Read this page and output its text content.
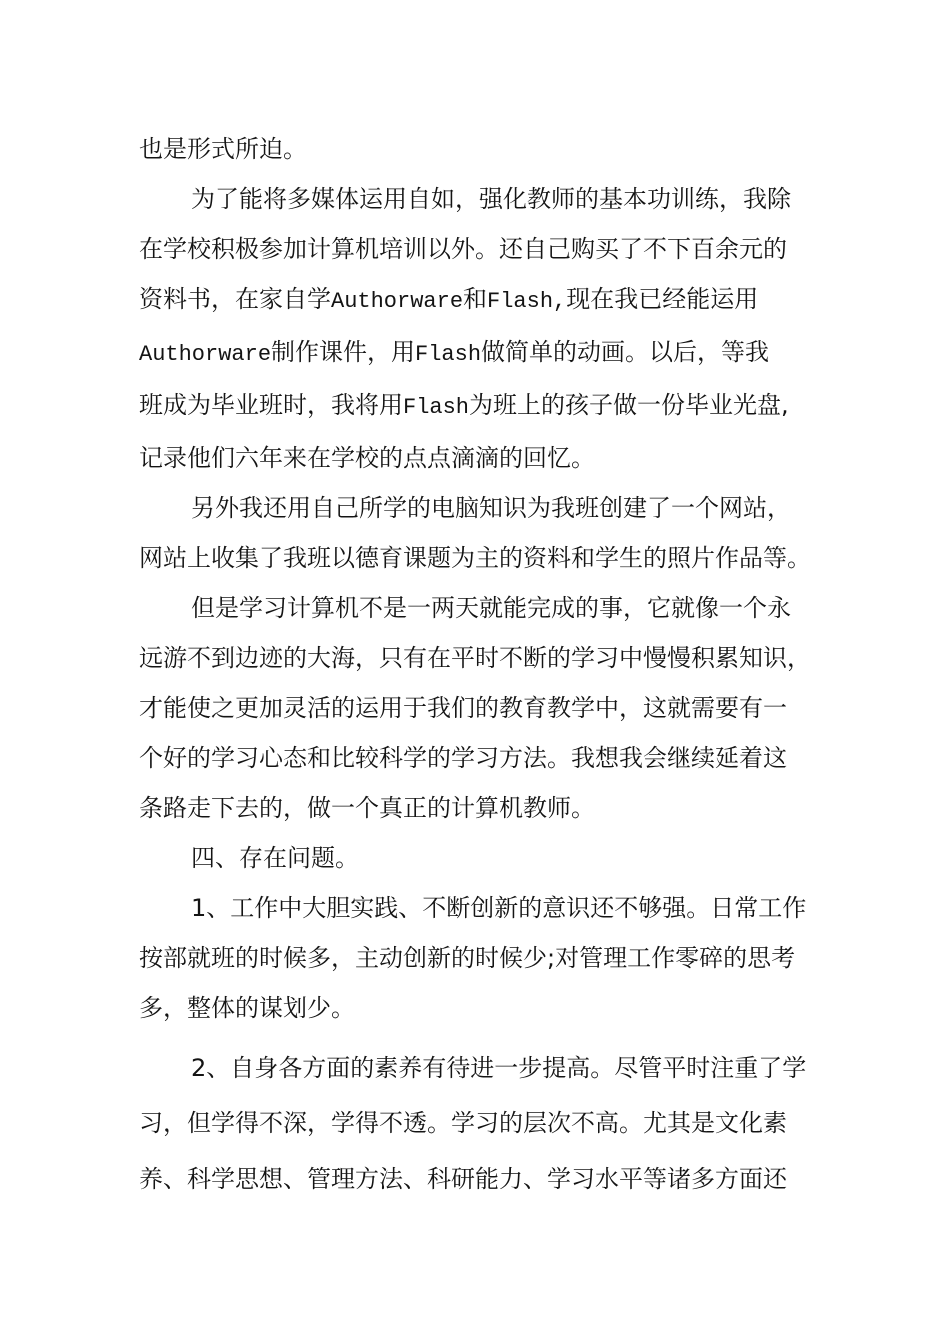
也是形式所迫。

为了能将多媒体运用自如，强化教师的基本功训练，我除
在学校积极参加计算机培训以外。还自己购买了不下百余元的
资料书，在家自学Authorware和Flash,现在我已经能运用
Authorware制作课件，用Flash做简单的动画。以后，等我
班成为毕业班时，我将用Flash为班上的孩子做一份毕业光盘,
记录他们六年来在学校的点点滴滴的回忆。

另外我还用自己所学的电脑知识为我班创建了一个网站，
网站上收集了我班以德育课题为主的资料和学生的照片作品等。

但是学习计算机不是一两天就能完成的事，它就像一个永
远游不到边迹的大海，只有在平时不断的学习中慢慢积累知识，
才能使之更加灵活的运用于我们的教育教学中，这就需要有一
个好的学习心态和比较科学的学习方法。我想我会继续延着这
条路走下去的，做一个真正的计算机教师。

四、存在问题。

1、工作中大胆实践、不断创新的意识还不够强。日常工作
按部就班的时候多，主动创新的时候少;对管理工作零碎的思考
多，整体的谋划少。

2、自身各方面的素养有待进一步提高。尽管平时注重了学
习，但学得不深，学得不透。学习的层次不高。尤其是文化素
养、科学思想、管理方法、科研能力、学习水平等诸多方面还
